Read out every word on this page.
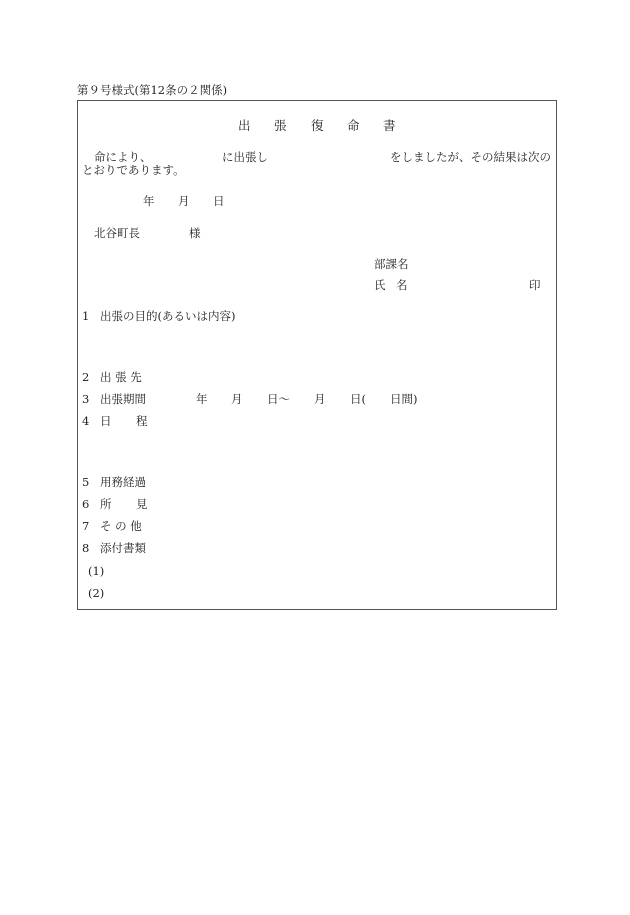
第９号様式(第12条の２関係)
出 張 復 命 書
命により、	に出張し	をしましたが、その結果は次の
とおりであります。
年 月 日
北谷町長	様
部課名
氏 名	印
1 出張の目的(あるいは内容)
2 出 張 先
3 出張期間	年 月 日〜 月 日( 日間)
4 日 程
5 用務経過
6 所 見
7 そ の 他
8 添付書類
(1)
(2)
